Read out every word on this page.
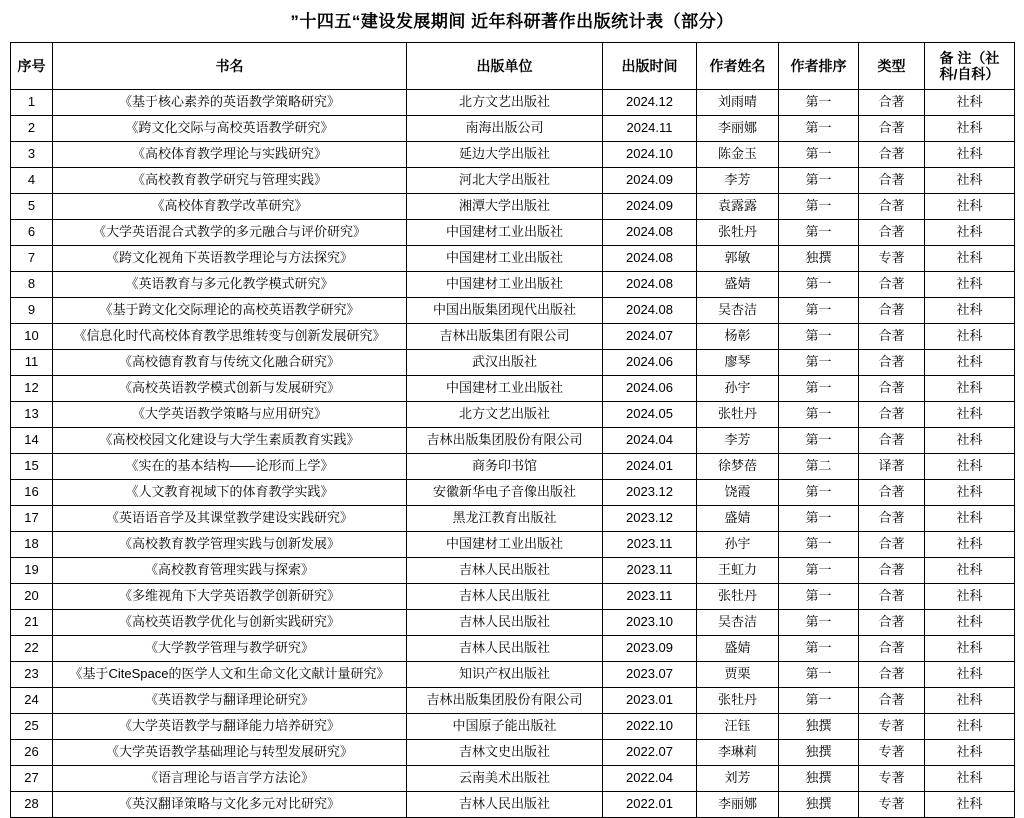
”十四五“建设发展期间 近年科研著作出版统计表（部分）
序号	书名	出版单位	出版时间	作者姓名	作者排序	类型	备 注（社
科/自科）

1	《基于核心素养的英语教学策略研究》	北方文艺出版社	2024.12	刘雨晴	第一	合著	社科
2	《跨文化交际与高校英语教学研究》	南海出版公司	2024.11	李丽娜	第一	合著	社科
3	《高校体育教学理论与实践研究》	延边大学出版社	2024.10	陈金玉	第一	合著	社科
4	《高校教育教学研究与管理实践》	河北大学出版社	2024.09	李芳	第一	合著	社科
5	《高校体育教学改革研究》	湘潭大学出版社	2024.09	袁露露	第一	合著	社科
6	《大学英语混合式教学的多元融合与评价研究》	中国建材工业出版社	2024.08	张牡丹	第一	合著	社科
7	《跨文化视角下英语教学理论与方法探究》	中国建材工业出版社	2024.08	郭敏	独撰	专著	社科
8	《英语教育与多元化教学模式研究》	中国建材工业出版社	2024.08	盛婧	第一	合著	社科
9	《基于跨文化交际理论的高校英语教学研究》	中国出版集团现代出版社	2024.08	吴杏洁	第一	合著	社科
10	《信息化时代高校体育教学思维转变与创新发展研究》	吉林出版集团有限公司	2024.07	杨彰	第一	合著	社科
11	《高校德育教育与传统文化融合研究》	武汉出版社	2024.06	廖琴	第一	合著	社科
12	《高校英语教学模式创新与发展研究》	中国建材工业出版社	2024.06	孙宇	第一	合著	社科
13	《大学英语教学策略与应用研究》	北方文艺出版社	2024.05	张牡丹	第一	合著	社科
14	《高校校园文化建设与大学生素质教育实践》	吉林出版集团股份有限公司	2024.04	李芳	第一	合著	社科
15	《实在的基本结构——论形而上学》	商务印书馆	2024.01	徐梦蓓	第二	译著	社科
16	《人文教育视域下的体育教学实践》	安徽新华电子音像出版社	2023.12	饶霞	第一	合著	社科
17	《英语语音学及其课堂教学建设实践研究》	黑龙江教育出版社	2023.12	盛婧	第一	合著	社科
18	《高校教育教学管理实践与创新发展》	中国建材工业出版社	2023.11	孙宇	第一	合著	社科
19	《高校教育管理实践与探索》	吉林人民出版社	2023.11	王虹力	第一	合著	社科
20	《多维视角下大学英语教学创新研究》	吉林人民出版社	2023.11	张牡丹	第一	合著	社科
21	《高校英语教学优化与创新实践研究》	吉林人民出版社	2023.10	吴杏洁	第一	合著	社科
22	《大学教学管理与教学研究》	吉林人民出版社	2023.09	盛婧	第一	合著	社科
23	《基于CiteSpace的医学人文和生命文化文献计量研究》	知识产权出版社	2023.07	贾栗	第一	合著	社科
24	《英语教学与翻译理论研究》	吉林出版集团股份有限公司	2023.01	张牡丹	第一	合著	社科
25	《大学英语教学与翻译能力培养研究》	中国原子能出版社	2022.10	汪钰	独撰	专著	社科
26	《大学英语教学基础理论与转型发展研究》	吉林文史出版社	2022.07	李琳莉	独撰	专著	社科
27	《语言理论与语言学方法论》	云南美术出版社	2022.04	刘芳	独撰	专著	社科
28	《英汉翻译策略与文化多元对比研究》	吉林人民出版社	2022.01	李丽娜	独撰	专著	社科
